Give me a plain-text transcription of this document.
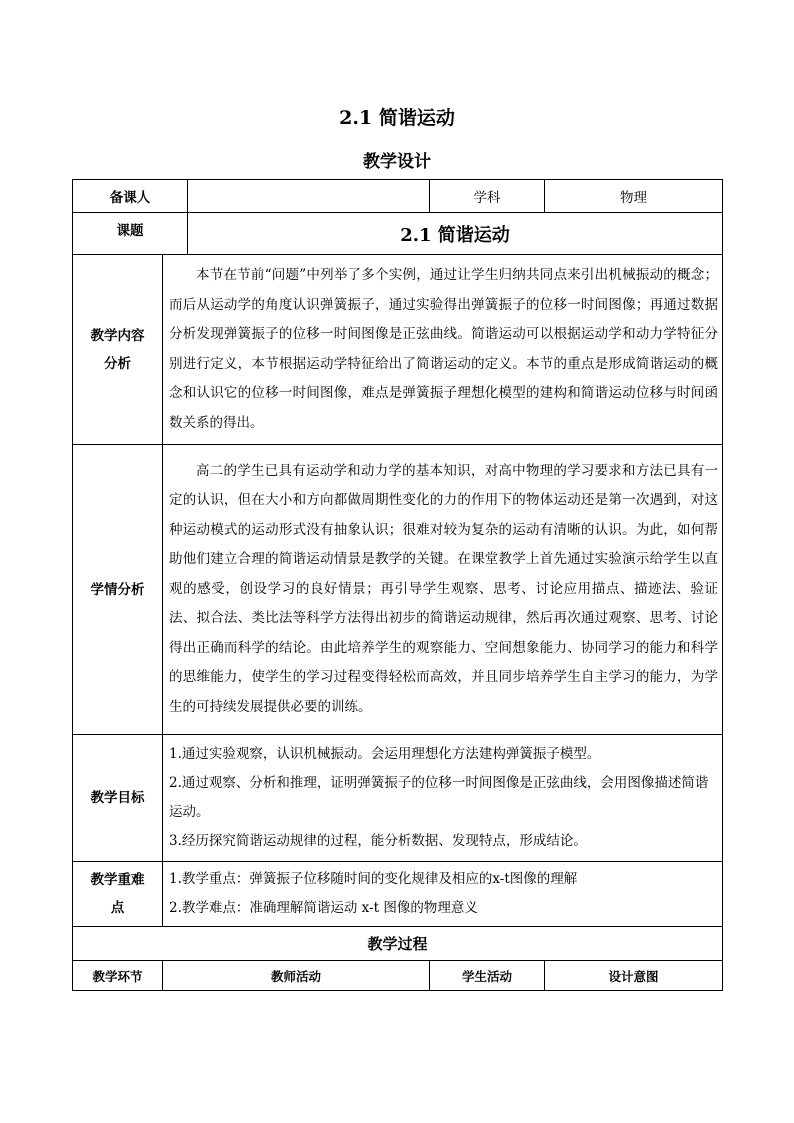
2.1 简谐运动
教学设计
备课人			学科	物理
课题		2.1 简谐运动		

教学内容
分析	本节在节前“问题”中列举了多个实例，通过让学生归纳共同点来引出机械振动的概念；而后从运动学的角度认识弹簧振子，通过实验得出弹簧振子的位移一时间图像；再通过数据分析发现弹簧振子的位移一时间图像是正弦曲线。简谐运动可以根据运动学和动力学特征分别进行定义，本节根据运动学特征给出了简谐运动的定义。本节的重点是形成简谐运动的概念和认识它的位移一时间图像，难点是弹簧振子理想化模型的建构和简谐运动位移与时间函数关系的得出。			
学情分析	高二的学生已具有运动学和动力学的基本知识，对高中物理的学习要求和方法已具有一定的认识，但在大小和方向都做周期性变化的力的作用下的物体运动还是第一次遇到，对这种运动模式的运动形式没有抽象认识；很难对较为复杂的运动有清晰的认识。为此，如何帮助他们建立合理的简谐运动情景是教学的关键。在课堂教学上首先通过实验演示给学生以直观的感受，创设学习的良好情景；再引导学生观察、思考、讨论应用描点、描迹法、验证法、拟合法、类比法等科学方法得出初步的简谐运动规律，然后再次通过观察、思考、讨论得出正确而科学的结论。由此培养学生的观察能力、空间想象能力、协同学习的能力和科学的思维能力，使学生的学习过程变得轻松而高效，并且同步培养学生自主学习的能力，为学生的可持续发展提供必要的训练。			
教学目标	1.通过实验观察，认识机械振动。会运用理想化方法建构弹簧振子模型。
2.通过观察、分析和推理，证明弹簧振子的位移一时间图像是正弦曲线，会用图像描述简谐运动。
3.经历探究简谐运动规律的过程，能分析数据、发现特点，形成结论。			

教学重难点	1.教学重点：弹簧振子位移随时间的变化规律及相应的x-t图像的理解
2.教学难点：准确理解简谐运动 x-t 图像的物理意义			

教学过程				
教学环节	教师活动		学生活动	设计意图
